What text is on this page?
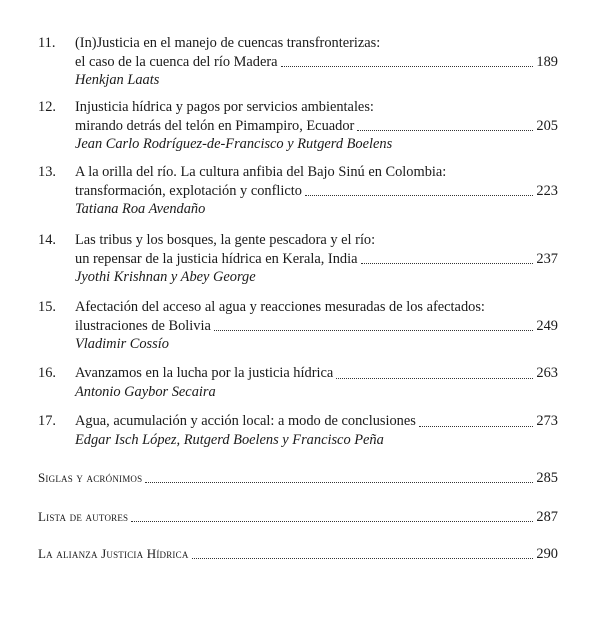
11.	(In)Justicia en el manejo de cuencas transfronterizas:
el caso de la cuenca del río Madera	189
Henkjan Laats
12.	Injusticia hídrica y pagos por servicios ambientales:
mirando detrás del telón en Pimampiro, Ecuador	205
Jean Carlo Rodríguez-de-Francisco y Rutgerd Boelens
13.	A la orilla del río. La cultura anfibia del Bajo Sinú en Colombia:
transformación, explotación y conflicto	223
Tatiana Roa Avendaño
14.	Las tribus y los bosques, la gente pescadora y el río:
un repensar de la justicia hídrica en Kerala, India	237
Jyothi Krishnan y Abey George
15.	Afectación del acceso al agua y reacciones mesuradas de los afectados:
ilustraciones de Bolivia	249
Vladimir Cossío
16.	Avanzamos en la lucha por la justicia hídrica	263
Antonio Gaybor Secaira
17.	Agua, acumulación y acción local: a modo de conclusiones	273
Edgar Isch López, Rutgerd Boelens y Francisco Peña
Siglas y acrónimos	285
Lista de autores	287
La alianza Justicia Hídrica	290
